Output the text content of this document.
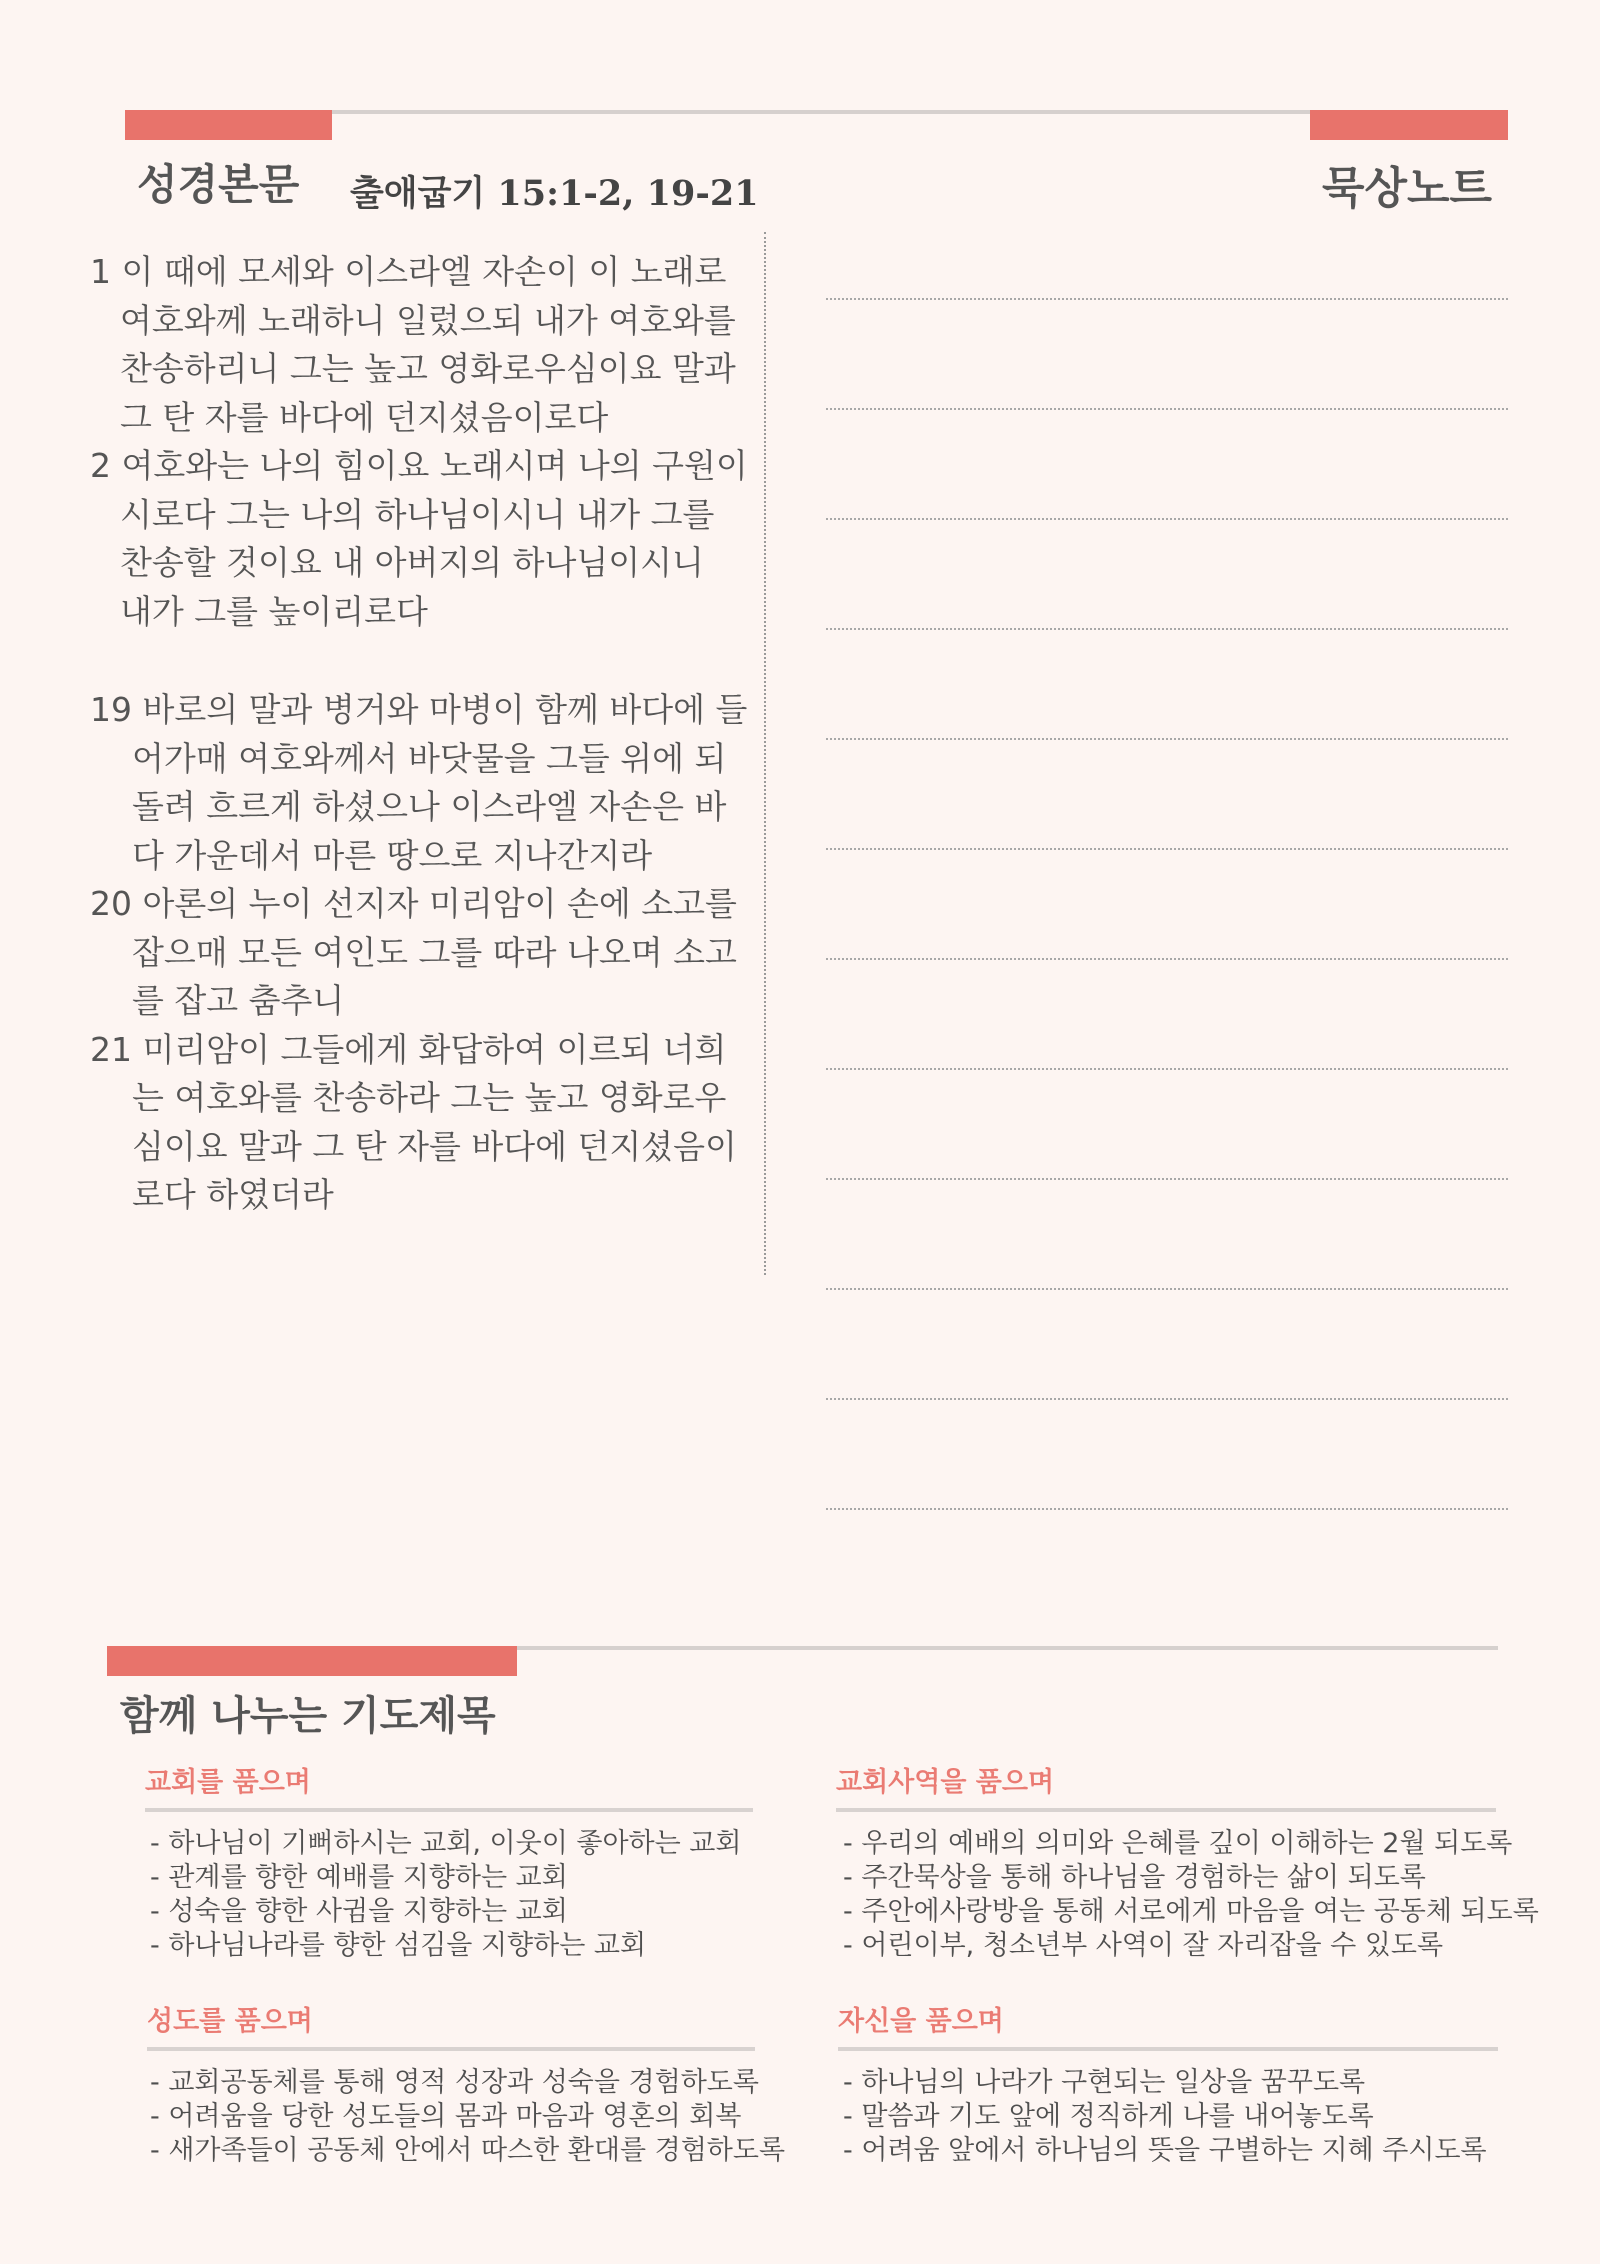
성경본문 출애굽기 15:1-2, 19-21	묵상노트
1 이 때에 모세와 이스라엘 자손이 이 노래로
여호와께 노래하니 일렀으되 내가 여호와를
찬송하리니 그는 높고 영화로우심이요 말과
그 탄 자를 바다에 던지셨음이로다
2 여호와는 나의 힘이요 노래시며 나의 구원이
시로다 그는 나의 하나님이시니 내가 그를
찬송할 것이요 내 아버지의 하나님이시니
내가 그를 높이리로다
19 바로의 말과 병거와 마병이 함께 바다에 들
어가매 여호와께서 바닷물을 그들 위에 되
돌려 흐르게 하셨으나 이스라엘 자손은 바
다 가운데서 마른 땅으로 지나간지라
20 아론의 누이 선지자 미리암이 손에 소고를
잡으매 모든 여인도 그를 따라 나오며 소고
를 잡고 춤추니
21 미리암이 그들에게 화답하여 이르되 너희
는 여호와를 찬송하라 그는 높고 영화로우
심이요 말과 그 탄 자를 바다에 던지셨음이
로다 하였더라
함께 나누는 기도제목
교회를 품으며
- 하나님이 기뻐하시는 교회, 이웃이 좋아하는 교회
- 관계를 향한 예배를 지향하는 교회
- 성숙을 향한 사귐을 지향하는 교회
- 하나님나라를 향한 섬김을 지향하는 교회
교회사역을 품으며
- 우리의 예배의 의미와 은혜를 깊이 이해하는 2월 되도록
- 주간묵상을 통해 하나님을 경험하는 삶이 되도록
- 주안에사랑방을 통해 서로에게 마음을 여는 공동체 되도록
- 어린이부, 청소년부 사역이 잘 자리잡을 수 있도록
성도를 품으며
- 교회공동체를 통해 영적 성장과 성숙을 경험하도록
- 어려움을 당한 성도들의 몸과 마음과 영혼의 회복
- 새가족들이 공동체 안에서 따스한 환대를 경험하도록
자신을 품으며
- 하나님의 나라가 구현되는 일상을 꿈꾸도록
- 말씀과 기도 앞에 정직하게 나를 내어놓도록
- 어려움 앞에서 하나님의 뜻을 구별하는 지혜 주시도록
